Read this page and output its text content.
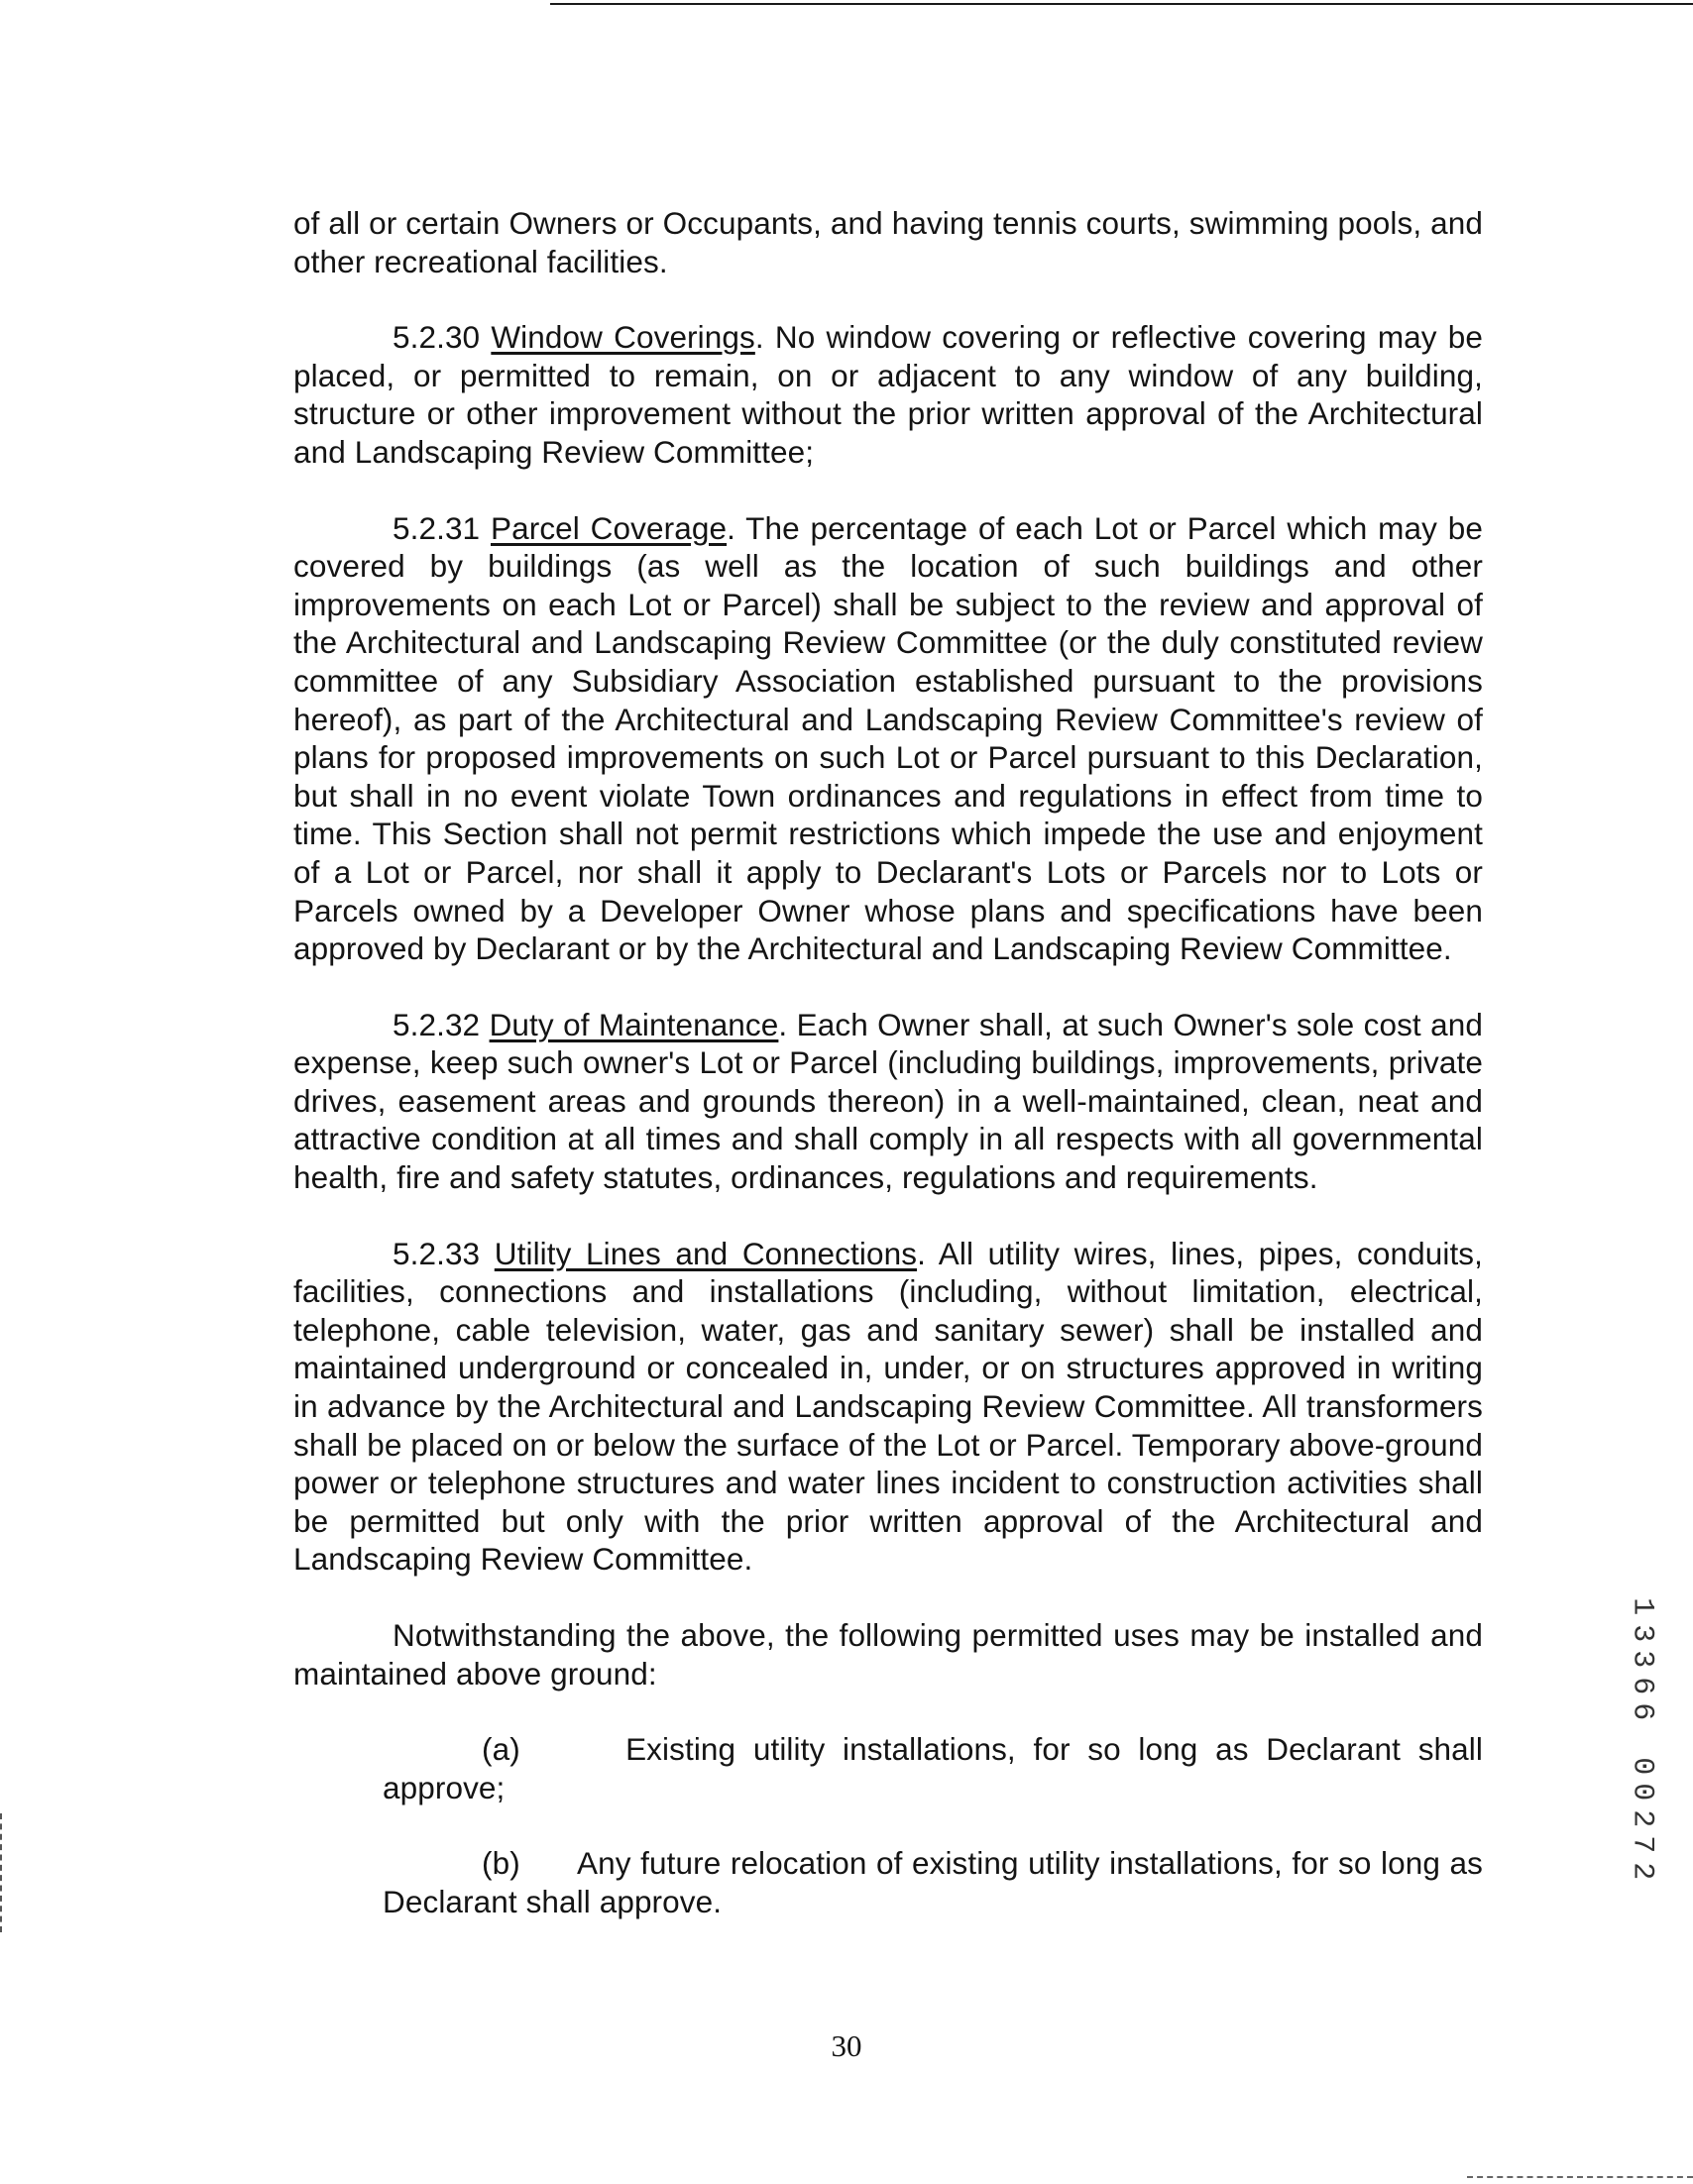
of all or certain Owners or Occupants, and having tennis courts, swimming pools, and other recreational facilities.

5.2.30 Window Coverings. No window covering or reflective covering may be placed, or permitted to remain, on or adjacent to any window of any building, structure or other improvement without the prior written approval of the Architectural and Landscaping Review Committee;

5.2.31 Parcel Coverage. The percentage of each Lot or Parcel which may be covered by buildings (as well as the location of such buildings and other improvements on each Lot or Parcel) shall be subject to the review and approval of the Architectural and Landscaping Review Committee (or the duly constituted review committee of any Subsidiary Association established pursuant to the provisions hereof), as part of the Architectural and Landscaping Review Committee's review of plans for proposed improvements on such Lot or Parcel pursuant to this Declaration, but shall in no event violate Town ordinances and regulations in effect from time to time. This Section shall not permit restrictions which impede the use and enjoyment of a Lot or Parcel, nor shall it apply to Declarant's Lots or Parcels nor to Lots or Parcels owned by a Developer Owner whose plans and specifications have been approved by Declarant or by the Architectural and Landscaping Review Committee.

5.2.32 Duty of Maintenance. Each Owner shall, at such Owner's sole cost and expense, keep such owner's Lot or Parcel (including buildings, improvements, private drives, easement areas and grounds thereon) in a well-maintained, clean, neat and attractive condition at all times and shall comply in all respects with all governmental health, fire and safety statutes, ordinances, regulations and requirements.

5.2.33 Utility Lines and Connections. All utility wires, lines, pipes, conduits, facilities, connections and installations (including, without limitation, electrical, telephone, cable television, water, gas and sanitary sewer) shall be installed and maintained underground or concealed in, under, or on structures approved in writing in advance by the Architectural and Landscaping Review Committee. All transformers shall be placed on or below the surface of the Lot or Parcel. Temporary above-ground power or telephone structures and water lines incident to construction activities shall be permitted but only with the prior written approval of the Architectural and Landscaping Review Committee.

Notwithstanding the above, the following permitted uses may be installed and maintained above ground:

(a)	Existing utility installations, for so long as Declarant shall approve;

(b) Any future relocation of existing utility installations, for so long as Declarant shall approve.

30
1
3
3
6
6
0
0
2
7
2
